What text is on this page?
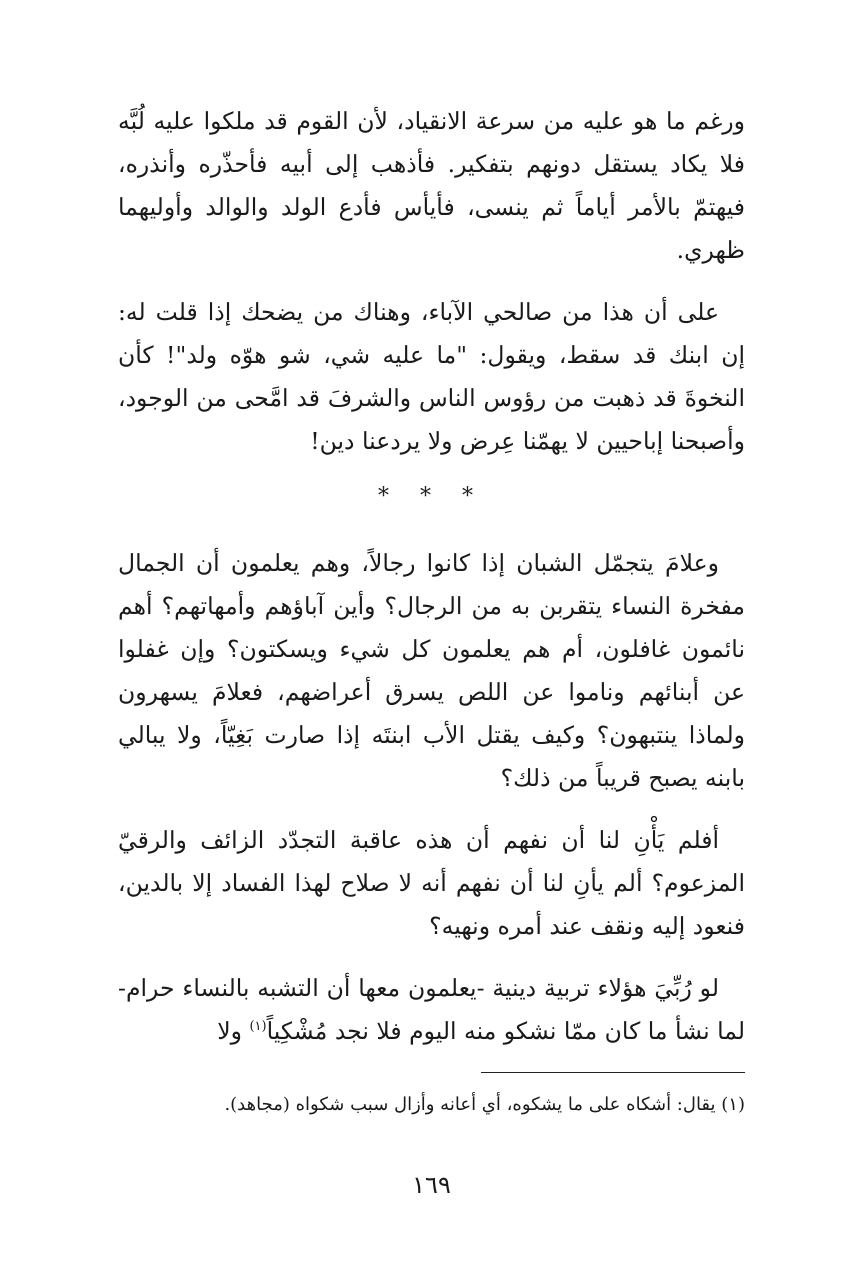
ورغم ما هو عليه من سرعة الانقياد، لأن القوم قد ملكوا عليه لُبَّه فلا يكاد يستقل دونهم بتفكير. فأذهب إلى أبيه فأحذّره وأنذره، فيهتمّ بالأمر أياماً ثم ينسى، فأيأس فأدع الولد والوالد وأوليهما ظهري.

على أن هذا من صالحي الآباء، وهناك من يضحك إذا قلت له: إن ابنك قد سقط، ويقول: "ما عليه شي، شو هوّه ولد"! كأن النخوةَ قد ذهبت من رؤوس الناس والشرفَ قد امَّحى من الوجود، وأصبحنا إباحيين لا يهمّنا عِرض ولا يردعنا دين!

* * *

وعلامَ يتجمّل الشبان إذا كانوا رجالاً، وهم يعلمون أن الجمال مفخرة النساء يتقربن به من الرجال؟ وأين آباؤهم وأمهاتهم؟ أهم نائمون غافلون، أم هم يعلمون كل شيء ويسكتون؟ وإن غفلوا عن أبنائهم وناموا عن اللص يسرق أعراضهم، فعلامَ يسهرون ولماذا ينتبهون؟ وكيف يقتل الأب ابنتَه إذا صارت بَغِيّاً، ولا يبالي بابنه يصبح قريباً من ذلك؟

أفلم يَأْنِ لنا أن نفهم أن هذه عاقبة التجدّد الزائف والرقيّ المزعوم؟ ألم يأنِ لنا أن نفهم أنه لا صلاح لهذا الفساد إلا بالدين، فنعود إليه ونقف عند أمره ونهيه؟

لو رُبِّيَ هؤلاء تربية دينية -يعلمون معها أن التشبه بالنساء حرام- لما نشأ ما كان ممّا نشكو منه اليوم فلا نجد مُشْكِياً$^{(١)}$ ولا

(١) يقال: أشكاه على ما يشكوه، أي أعانه وأزال سبب شكواه (مجاهد).
١٦٩
